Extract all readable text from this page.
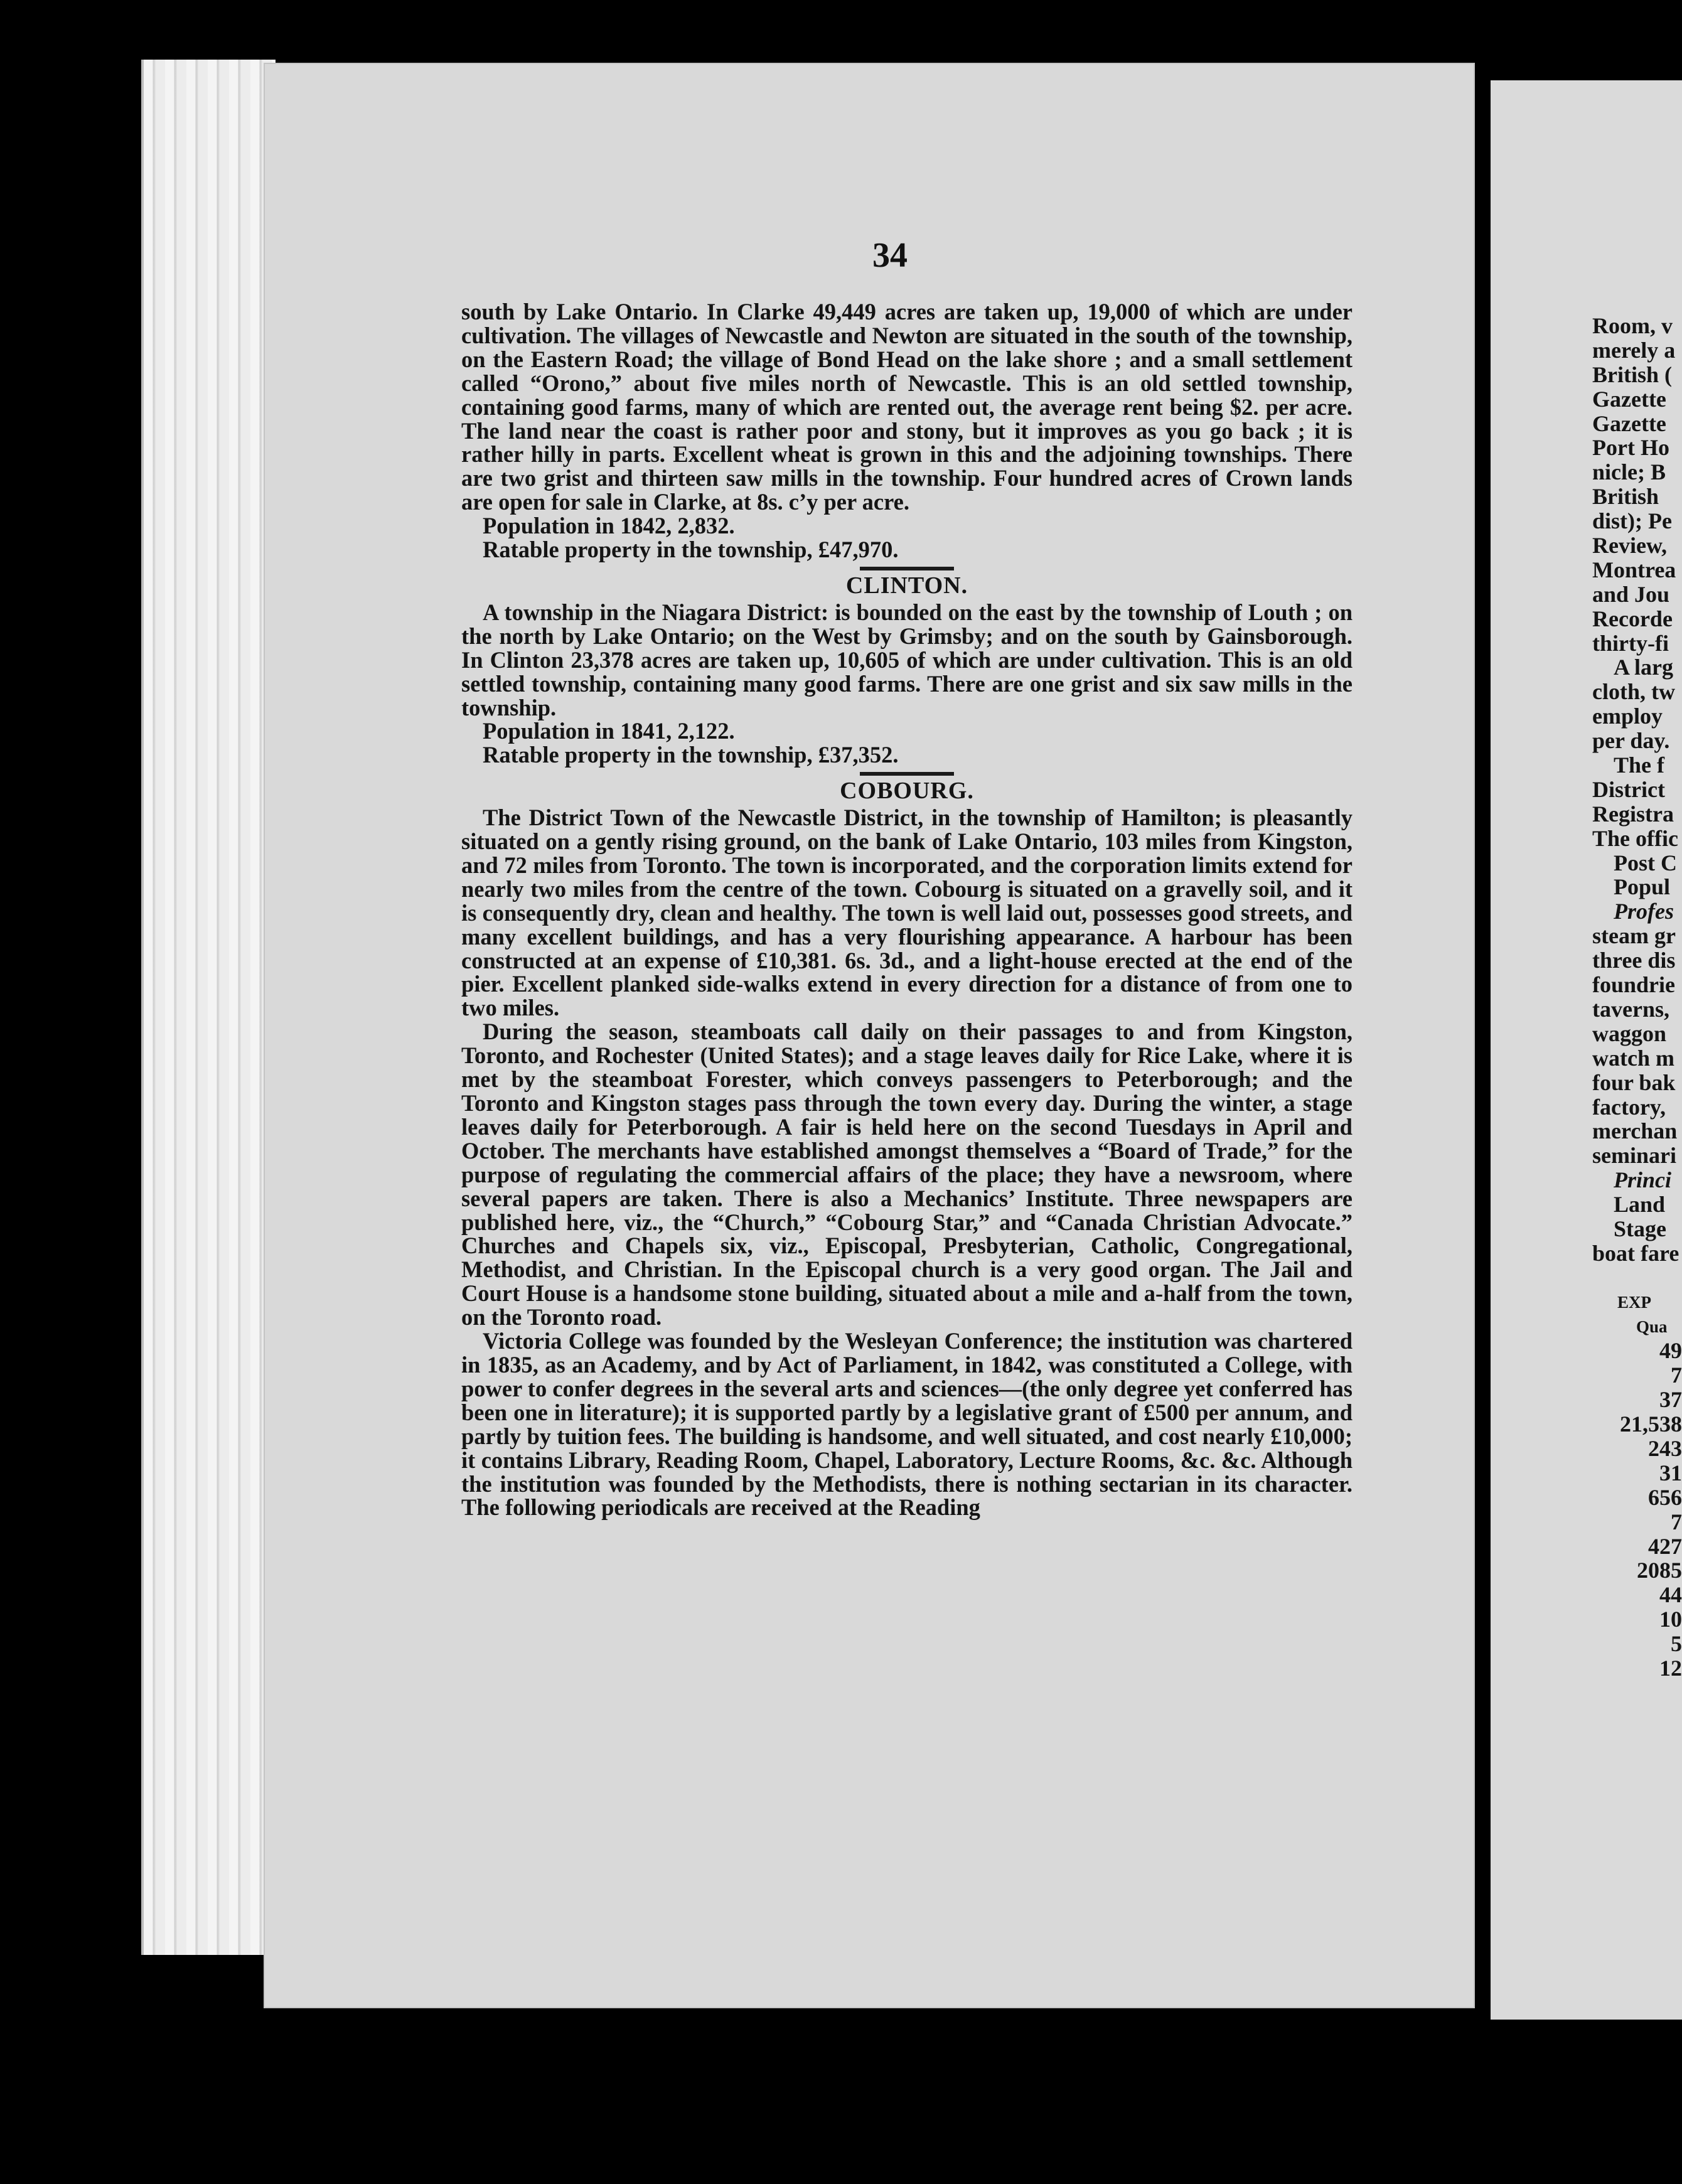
34

south by Lake Ontario. In Clarke 49,449 acres are taken up, 19,000 of which are under cultivation. The villages of Newcastle and Newton are situated in the south of the township, on the Eastern Road; the village of Bond Head on the lake shore ; and a small settlement called “Orono,” about five miles north of Newcastle. This is an old settled township, containing good farms, many of which are rented out, the average rent being $2. per acre. The land near the coast is rather poor and stony, but it improves as you go back ; it is rather hilly in parts. Excellent wheat is grown in this and the adjoining townships. There are two grist and thirteen saw mills in the township. Four hundred acres of Crown lands are open for sale in Clarke, at 8s. c’y per acre.

Population in 1842, 2,832.

Ratable property in the township, £47,970.

CLINTON.

A township in the Niagara District: is bounded on the east by the township of Louth ; on the north by Lake Ontario; on the West by Grimsby; and on the south by Gainsborough. In Clinton 23,378 acres are taken up, 10,605 of which are under cultivation. This is an old settled township, containing many good farms. There are one grist and six saw mills in the township.

Population in 1841, 2,122.

Ratable property in the township, £37,352.

COBOURG.

The District Town of the Newcastle District, in the township of Hamilton; is pleasantly situated on a gently rising ground, on the bank of Lake Ontario, 103 miles from Kingston, and 72 miles from Toronto. The town is incorporated, and the corporation limits extend for nearly two miles from the centre of the town. Cobourg is situated on a gravelly soil, and it is consequently dry, clean and healthy. The town is well laid out, possesses good streets, and many excellent buildings, and has a very flourishing appearance. A harbour has been constructed at an expense of £10,381. 6s. 3d., and a light-house erected at the end of the pier. Excellent planked side-walks extend in every direction for a distance of from one to two miles.

During the season, steamboats call daily on their passages to and from Kingston, Toronto, and Rochester (United States); and a stage leaves daily for Rice Lake, where it is met by the steamboat Forester, which conveys passengers to Peterborough; and the Toronto and Kingston stages pass through the town every day. During the winter, a stage leaves daily for Peterborough. A fair is held here on the second Tuesdays in April and October. The merchants have established amongst themselves a “Board of Trade,” for the purpose of regulating the commercial affairs of the place; they have a newsroom, where several papers are taken. There is also a Mechanics’ Institute. Three newspapers are published here, viz., the “Church,” “Cobourg Star,” and “Canada Christian Advocate.” Churches and Chapels six, viz., Episcopal, Presbyterian, Catholic, Congregational, Methodist, and Christian. In the Episcopal church is a very good organ. The Jail and Court House is a handsome stone building, situated about a mile and a-half from the town, on the Toronto road.

Victoria College was founded by the Wesleyan Conference; the institution was chartered in 1835, as an Academy, and by Act of Parliament, in 1842, was constituted a College, with power to confer degrees in the several arts and sciences—(the only degree yet conferred has been one in literature); it is supported partly by a legislative grant of £500 per annum, and partly by tuition fees. The building is handsome, and well situated, and cost nearly £10,000; it contains Library, Reading Room, Chapel, Laboratory, Lecture Rooms, &c. &c. Although the institution was founded by the Methodists, there is nothing sectarian in its character. The following periodicals are received at the Reading

Room, v
merely a
British (
Gazette
Gazette
Port Ho
nicle; B
British
dist); Pe
Review,
Montrea
and Jou
Recorde
thirty-fi
A larg
cloth, tw
employ
per day.
The f
District
Registra
The offic
Post C
Popul
Profes
steam gr
three dis
foundrie
taverns,
waggon
watch m
four bak
factory,
merchan
seminari
Princi
Land
Stage
boat fare
EXP
Qua
49
7
37
21,538
243
31
656
7
427
2085
44
10
5
12
